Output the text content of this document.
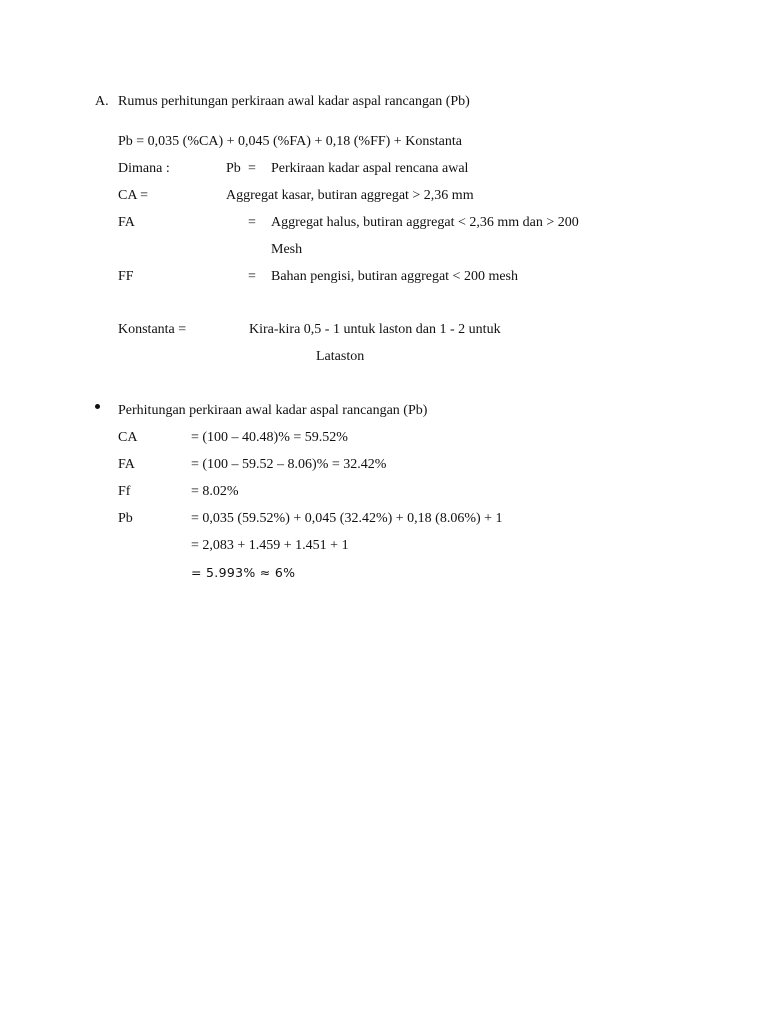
A. Rumus perhitungan perkiraan awal kadar aspal rancangan (Pb)
Pb = 0,035 (%CA) + 0,045 (%FA) + 0,18 (%FF) + Konstanta
Dimana :	Pb = Perkiraan kadar aspal rencana awal
CA =	Aggregat kasar, butiran aggregat > 2,36 mm
FA	= Aggregat halus, butiran aggregat < 2,36 mm dan > 200
Mesh
FF	= Bahan pengisi, butiran aggregat < 200 mesh
Konstanta =	Kira-kira 0,5 - 1 untuk laston dan 1 - 2 untuk
Lataston
Perhitungan perkiraan awal kadar aspal rancangan (Pb)
CA	= (100 – 40.48)% = 59.52%
FA	= (100 – 59.52 – 8.06)% = 32.42%
Ff	= 8.02%
Pb	= 0,035 (59.52%) + 0,045 (32.42%) + 0,18 (8.06%) + 1
= 2,083 + 1.459 + 1.451 + 1
= 5.993% ≈ 6%
